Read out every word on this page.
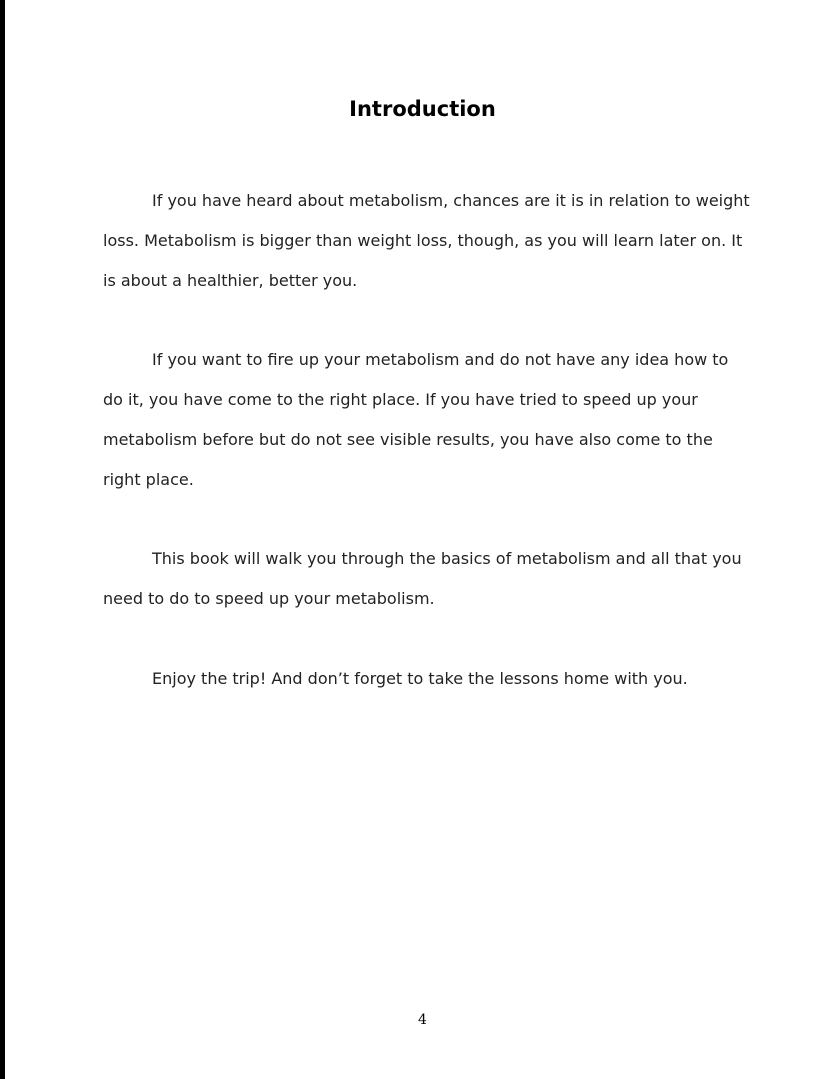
Introduction

If you have heard about metabolism, chances are it is in relation to weight loss. Metabolism is bigger than weight loss, though, as you will learn later on. It is about a healthier, better you.

If you want to fire up your metabolism and do not have any idea how to do it, you have come to the right place. If you have tried to speed up your metabolism before but do not see visible results, you have also come to the right place.

This book will walk you through the basics of metabolism and all that you need to do to speed up your metabolism.

Enjoy the trip! And don’t forget to take the lessons home with you.

4
